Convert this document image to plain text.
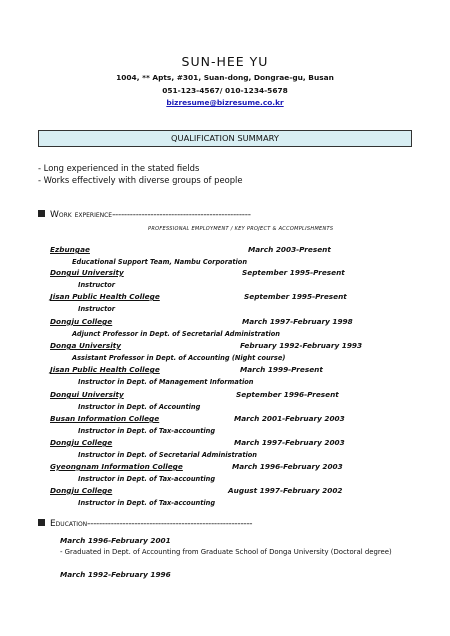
SUN-HEE YU
1004, ** Apts, #301, Suan-dong, Dongrae-gu, Busan
051-123-4567/ 010-1234-5678
bizresume@bizresume.co.kr
QUALIFICATION SUMMARY
- Long experienced in the stated fields
- Works effectively with diverse groups of people
Work experience-----------------------------------------------
PROFESSIONAL EMPLOYMENT / KEY PROJECT & ACCOMPLISHMENTS
Ezbungae	March 2003-Present
Educational Support Team, Nambu Corporation
Dongui University	September 1995-Present
Instructor
Jisan Public Health College	September 1995-Present
Instructor
Dongju College	March 1997-February 1998
Adjunct Professor in Dept. of Secretarial Administration
Donga University	February 1992-February 1993
Assistant Professor in Dept. of Accounting (Night course)
Jisan Public Health College	March 1999-Present
Instructor in Dept. of Management Information
Dongui University	September 1996-Present
Instructor in Dept. of Accounting
Busan Information College	March 2001-February 2003
Instructor in Dept. of Tax-accounting
Dongju College	March 1997-February 2003
Instructor in Dept. of Secretarial Administration
Gyeongnam Information College	March 1996-February 2003
Instructor in Dept. of Tax-accounting
Dongju College	August 1997-February 2002
Instructor in Dept. of Tax-accounting
Education--------------------------------------------------------
March 1996-February 2001
- Graduated in Dept. of Accounting from Graduate School of Donga University (Doctoral degree)
March 1992-February 1996
